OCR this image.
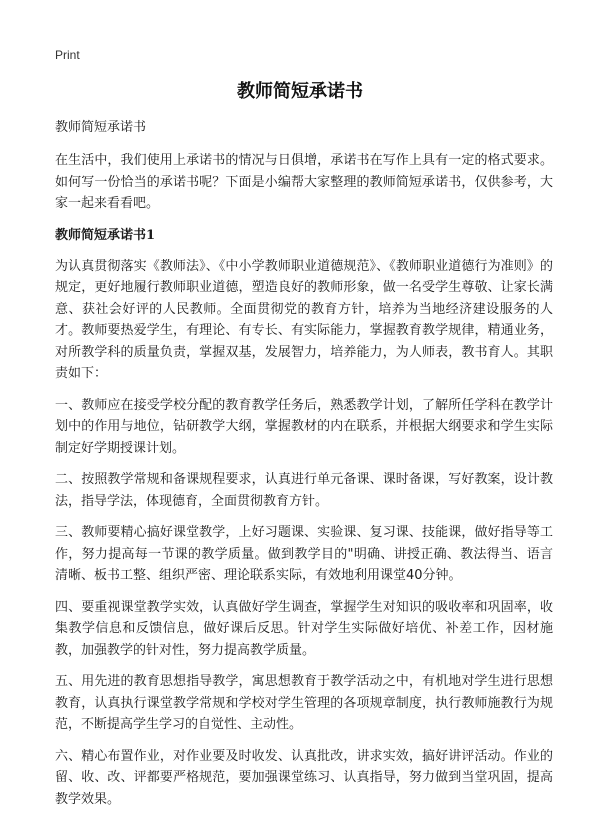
Print
教师简短承诺书

教师简短承诺书

在生活中，我们使用上承诺书的情况与日俱增，承诺书在写作上具有一定的格式要求。如何写一份恰当的承诺书呢？下面是小编帮大家整理的教师简短承诺书，仅供参考，大家一起来看看吧。

教师简短承诺书1

为认真贯彻落实《教师法》、《中小学教师职业道德规范》、《教师职业道德行为准则》的规定，更好地履行教师职业道德，塑造良好的教师形象，做一名受学生尊敬、让家长满意、获社会好评的人民教师。全面贯彻党的教育方针，培养为当地经济建设服务的人才。教师要热爱学生，有理论、有专长、有实际能力，掌握教育教学规律，精通业务，对所教学科的质量负责，掌握双基，发展智力，培养能力，为人师表，教书育人。其职责如下：

一、教师应在接受学校分配的教育教学任务后，熟悉教学计划，了解所任学科在教学计划中的作用与地位，钻研教学大纲，掌握教材的内在联系，并根据大纲要求和学生实际制定好学期授课计划。

二、按照教学常规和备课规程要求，认真进行单元备课、课时备课，写好教案，设计教法，指导学法，体现德育，全面贯彻教育方针。

三、教师要精心搞好课堂教学，上好习题课、实验课、复习课、技能课，做好指导等工作，努力提高每一节课的教学质量。做到教学目的"明确、讲授正确、教法得当、语言清晰、板书工整、组织严密、理论联系实际，有效地利用课堂40分钟。

四、要重视课堂教学实效，认真做好学生调查，掌握学生对知识的吸收率和巩固率，收集教学信息和反馈信息，做好课后反思。针对学生实际做好培优、补差工作，因材施教，加强教学的针对性，努力提高教学质量。

五、用先进的教育思想指导教学，寓思想教育于教学活动之中，有机地对学生进行思想教育，认真执行课堂教学常规和学校对学生管理的各项规章制度，执行教师施教行为规范，不断提高学生学习的自觉性、主动性。

六、精心布置作业，对作业要及时收发、认真批改，讲求实效，搞好讲评活动。作业的留、收、改、评都要严格规范，要加强课堂练习、认真指导，努力做到当堂巩固，提高教学效果。
